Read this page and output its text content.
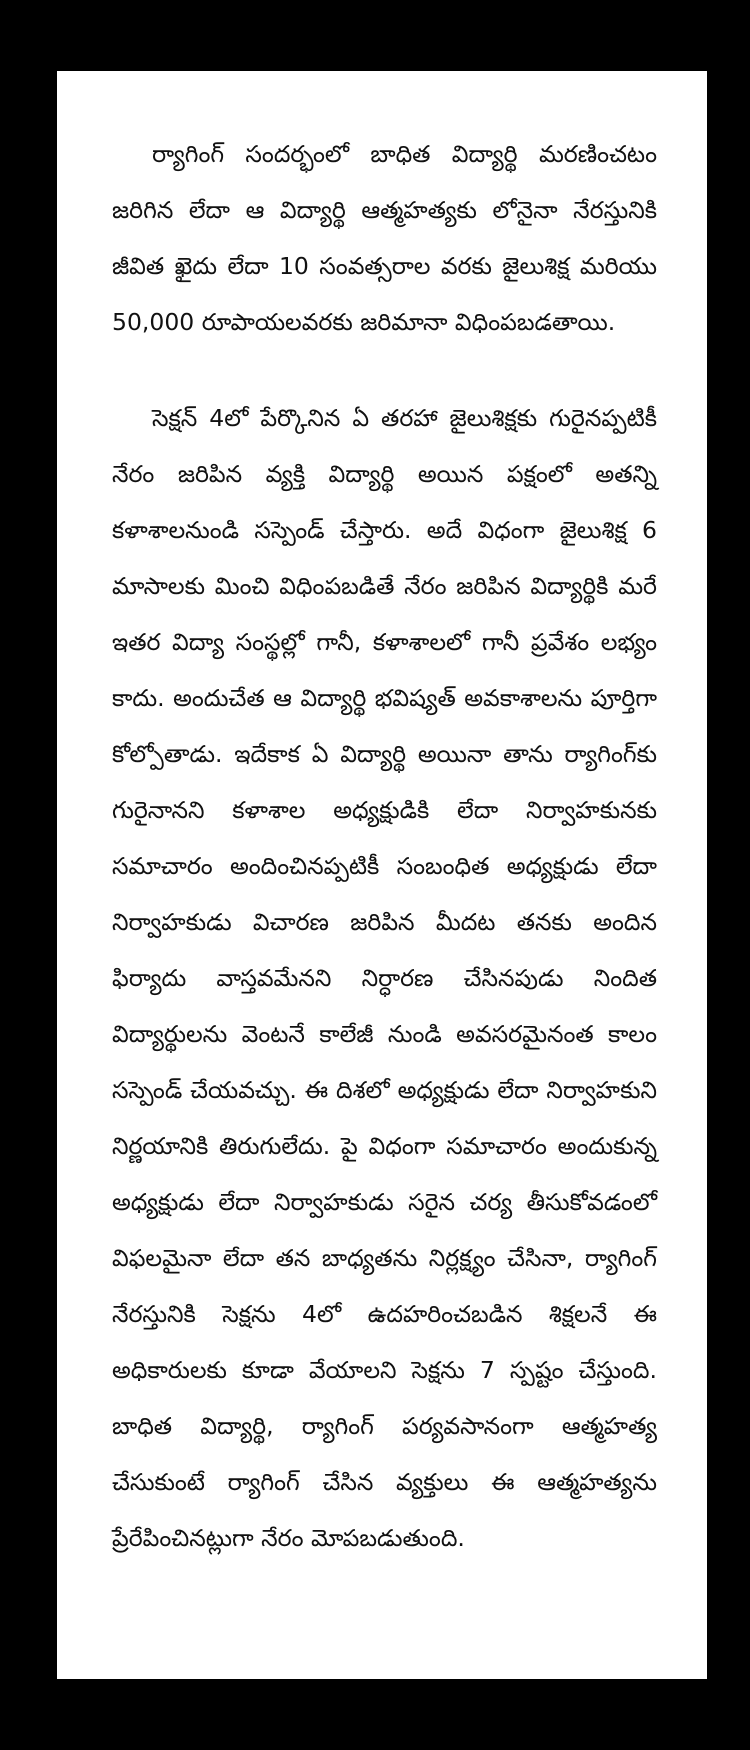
ర్యాగింగ్ సందర్భంలో బాధిత విద్యార్థి మరణించటం జరిగిన లేదా ఆ విద్యార్థి ఆత్మహత్యకు లోనైనా నేరస్తునికి జీవిత ఖైదు లేదా 10 సంవత్సరాల వరకు జైలుశిక్ష మరియు 50,000 రూపాయలవరకు జరిమానా విధింపబడతాయి.

సెక్షన్ 4లో పేర్కొనిన ఏ తరహా జైలుశిక్షకు గురైనప్పటికీ నేరం జరిపిన వ్యక్తి విద్యార్థి అయిన పక్షంలో అతన్ని కళాశాలనుండి సస్పెండ్ చేస్తారు. అదే విధంగా జైలుశిక్ష 6 మాసాలకు మించి విధింపబడితే నేరం జరిపిన విద్యార్థికి మరే ఇతర విద్యా సంస్థల్లో గానీ, కళాశాలలో గానీ ప్రవేశం లభ్యం కాదు. అందుచేత ఆ విద్యార్థి భవిష్యత్ అవకాశాలను పూర్తిగా కోల్పోతాడు. ఇదేకాక ఏ విద్యార్థి అయినా తాను ర్యాగింగ్‌కు గురైనానని కళాశాల అధ్యక్షుడికి లేదా నిర్వాహకునకు సమాచారం అందించినప్పటికీ సంబంధిత అధ్యక్షుడు లేదా నిర్వాహకుడు విచారణ జరిపిన మీదట తనకు అందిన ఫిర్యాదు వాస్తవమేనని నిర్ధారణ చేసినపుడు నిందిత విద్యార్థులను వెంటనే కాలేజీ నుండి అవసరమైనంత కాలం సస్పెండ్ చేయవచ్చు. ఈ దిశలో అధ్యక్షుడు లేదా నిర్వాహకుని నిర్ణయానికి తిరుగులేదు. పై విధంగా సమాచారం అందుకున్న అధ్యక్షుడు లేదా నిర్వాహకుడు సరైన చర్య తీసుకోవడంలో విఫలమైనా లేదా తన బాధ్యతను నిర్లక్ష్యం చేసినా, ర్యాగింగ్ నేరస్తునికి సెక్షను 4లో ఉదహరించబడిన శిక్షలనే ఈ అధికారులకు కూడా వేయాలని సెక్షను 7 స్పష్టం చేస్తుంది. బాధిత విద్యార్థి, ర్యాగింగ్ పర్యవసానంగా ఆత్మహత్య చేసుకుంటే ర్యాగింగ్ చేసిన వ్యక్తులు ఈ ఆత్మహత్యను ప్రేరేపించినట్లుగా నేరం మోపబడుతుంది.
